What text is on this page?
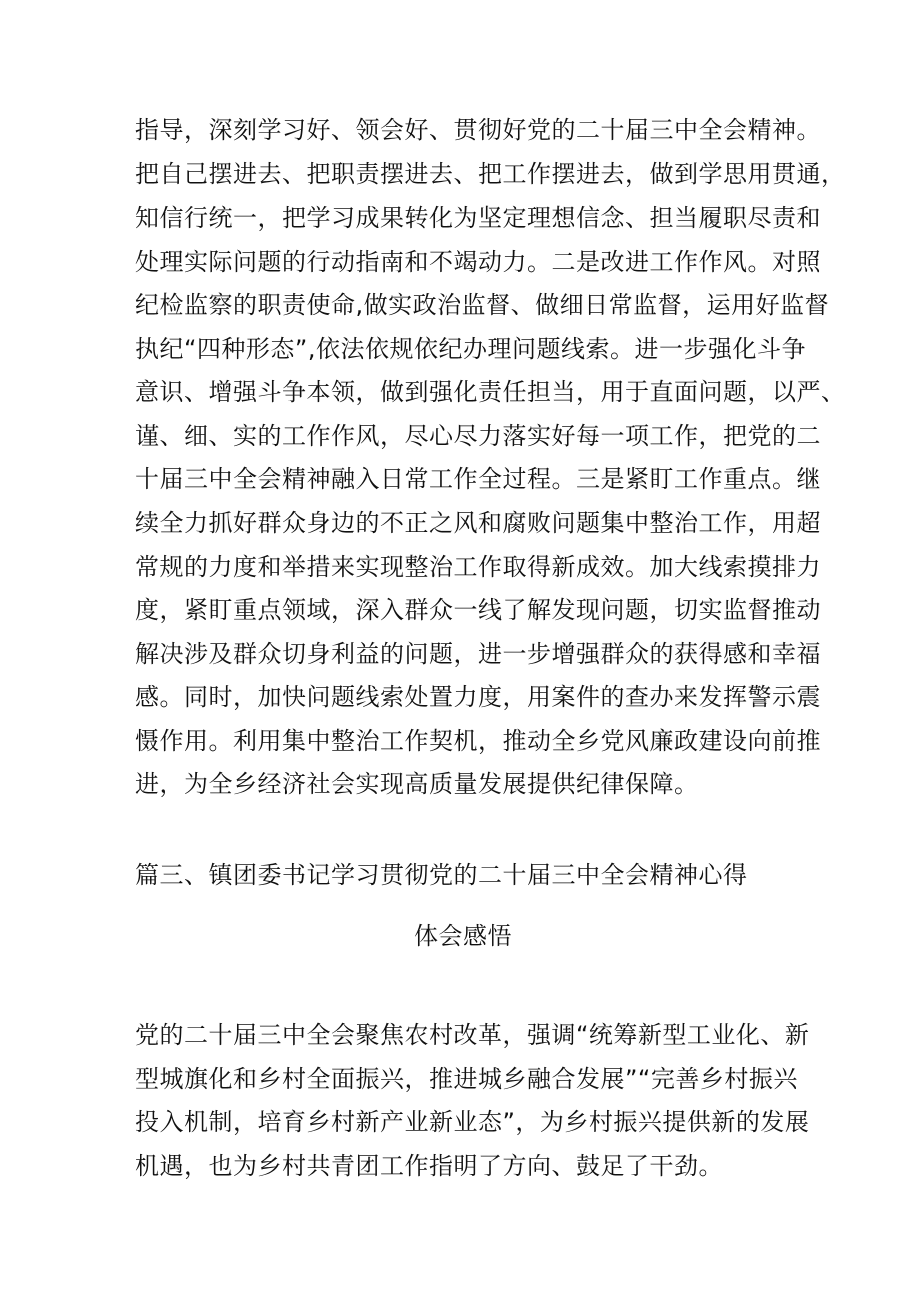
指导，深刻学习好、领会好、贯彻好党的二十届三中全会精神。
把自己摆进去、把职责摆进去、把工作摆进去，做到学思用贯通，
知信行统一，把学习成果转化为坚定理想信念、担当履职尽责和
处理实际问题的行动指南和不竭动力。二是改进工作作风。对照
纪检监察的职责使命,做实政治监督、做细日常监督，运用好监督
执纪“四种形态”,依法依规依纪办理问题线索。进一步强化斗争
意识、增强斗争本领，做到强化责任担当，用于直面问题，以严、
谨、细、实的工作作风，尽心尽力落实好每一项工作，把党的二
十届三中全会精神融入日常工作全过程。三是紧盯工作重点。继
续全力抓好群众身边的不正之风和腐败问题集中整治工作，用超
常规的力度和举措来实现整治工作取得新成效。加大线索摸排力
度，紧盯重点领域，深入群众一线了解发现问题，切实监督推动
解决涉及群众切身利益的问题，进一步增强群众的获得感和幸福
感。同时，加快问题线索处置力度，用案件的查办来发挥警示震
慑作用。利用集中整治工作契机，推动全乡党风廉政建设向前推
进，为全乡经济社会实现高质量发展提供纪律保障。
篇三、镇团委书记学习贯彻党的二十届三中全会精神心得
体会感悟
党的二十届三中全会聚焦农村改革，强调“统筹新型工业化、新
型城旗化和乡村全面振兴，推进城乡融合发展”“完善乡村振兴
投入机制，培育乡村新产业新业态”，为乡村振兴提供新的发展
机遇，也为乡村共青团工作指明了方向、鼓足了干劲。
